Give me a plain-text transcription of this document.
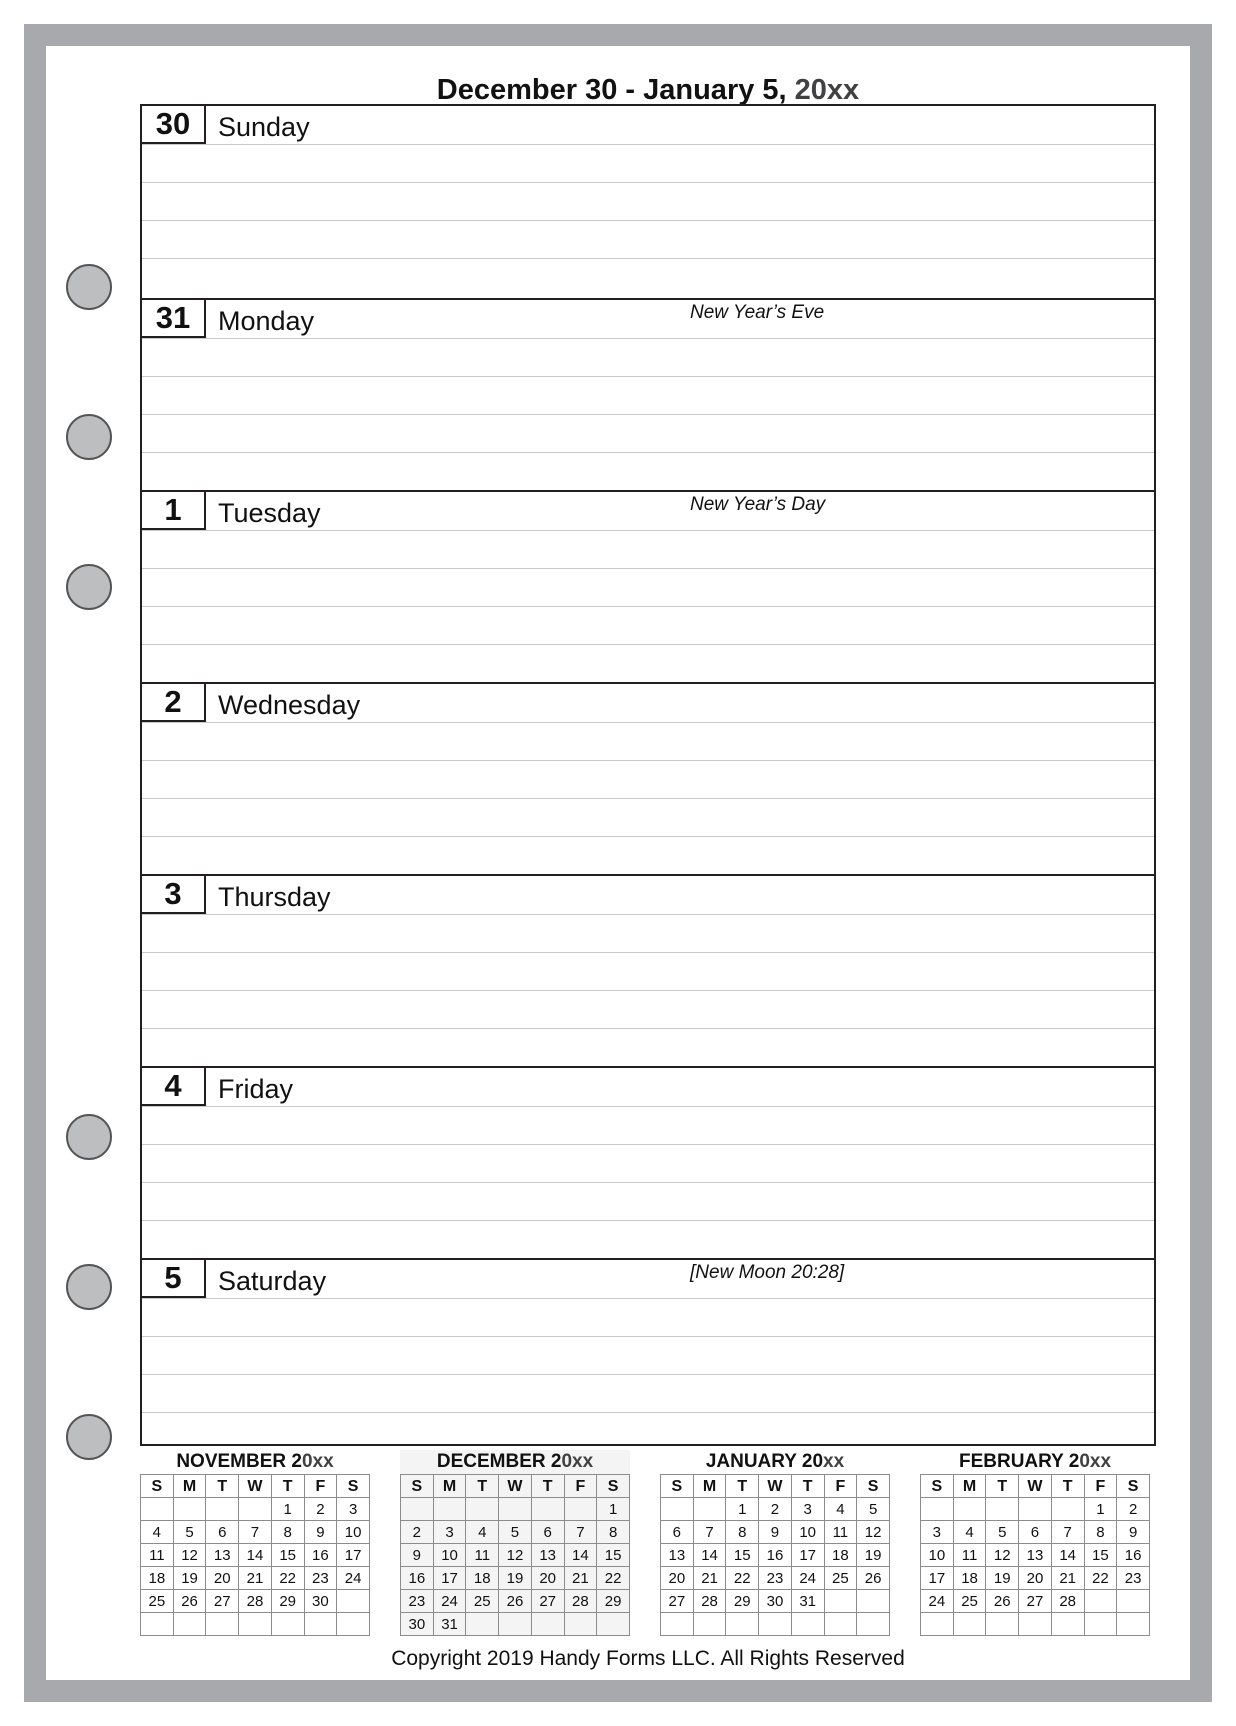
December 30 - January 5, 20xx
30	Sunday
31	Monday	New Year’s Eve
1	Tuesday	New Year’s Day
2	Wednesday
3	Thursday
4	Friday
5	Saturday	[New Moon 20:28]
NOVEMBER 20xx
S	M	T	W	T	F	S
				1	2	3
4	5	6	7	8	9	10
11	12	13	14	15	16	17
18	19	20	21	22	23	24
25	26	27	28	29	30	

DECEMBER 20xx
S	M	T	W	T	F	S
						1
2	3	4	5	6	7	8
9	10	11	12	13	14	15
16	17	18	19	20	21	22
23	24	25	26	27	28	29
30	31					
JANUARY 20xx
S	M	T	W	T	F	S
		1	2	3	4	5
6	7	8	9	10	11	12
13	14	15	16	17	18	19
20	21	22	23	24	25	26
27	28	29	30	31		

FEBRUARY 20xx
S	M	T	W	T	F	S
					1	2
3	4	5	6	7	8	9
10	11	12	13	14	15	16
17	18	19	20	21	22	23
24	25	26	27	28		

Copyright 2019 Handy Forms LLC. All Rights Reserved
